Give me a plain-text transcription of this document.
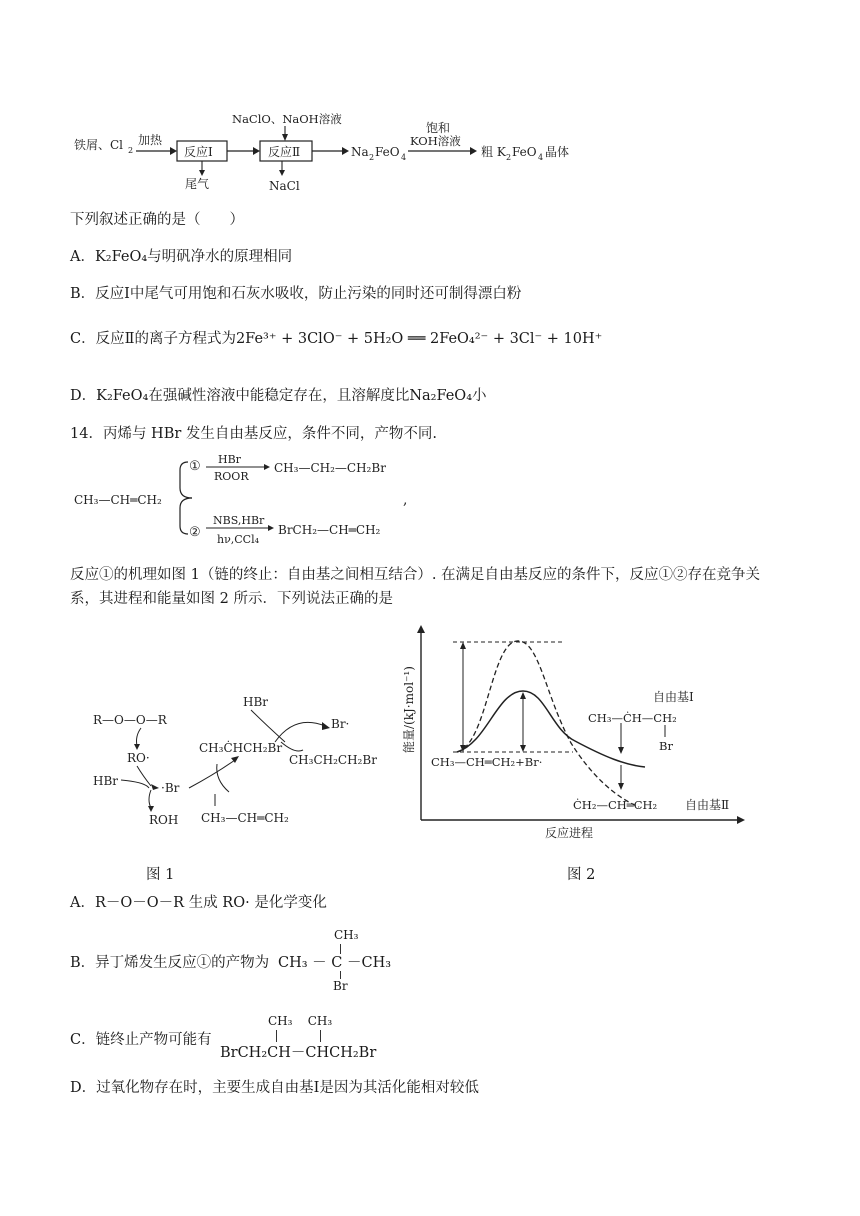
铁屑、Cl 2
加热
反应Ⅰ
尾气
反应Ⅱ
NaClO、NaOH溶液
NaCl
Na 2 FeO 4
饱和
KOH溶液
粗 K 2 FeO 4 晶体
下列叙述正确的是（　　）
A．K₂FeO₄与明矾净水的原理相同
B．反应Ⅰ中尾气可用饱和石灰水吸收，防止污染的同时还可制得漂白粉
C．反应Ⅱ的离子方程式为2Fe³⁺ + 3ClO⁻ + 5H₂O ══ 2FeO₄²⁻ + 3Cl⁻ + 10H⁺
D．K₂FeO₄在强碱性溶液中能稳定存在，且溶解度比Na₂FeO₄小
14．丙烯与 HBr 发生自由基反应，条件不同，产物不同.
CH₃—CH═CH₂
① HBr
ROOR
CH₃—CH₂—CH₂Br
②
NBS,HBr
hν,CCl₄
BrCH₂—CH═CH₂
,
反应①的机理如图 1（链的终止：自由基之间相互结合）. 在满足自由基反应的条件下，反应①②存在竞争关
系，其进程和能量如图 2 所示．下列说法正确的是
R—O—O—R
RO·
HBr	·Br
ROH
CH₃ĊHCH₂Br
HBr
Br·
CH₃CH₂CH₂Br
CH₃—CH═CH₂
图 1
能量/(kJ·mol⁻¹)
反应进程
CH₃—CH═CH₂+Br·
CH₃—ĊH—CH₂
自由基Ⅰ
Br
ĊH₂—CH═CH₂ 自由基Ⅱ
图 2
A．R－O－O－R 生成 RO· 是化学变化
B．异丁烯发生反应①的产物为
CH₃
CH₃ － C －CH₃
Br
C．链终止产物可能有
CH₃    CH₃
BrCH₂CH－CHCH₂Br
D．过氧化物存在时，主要生成自由基Ⅰ是因为其活化能相对较低
